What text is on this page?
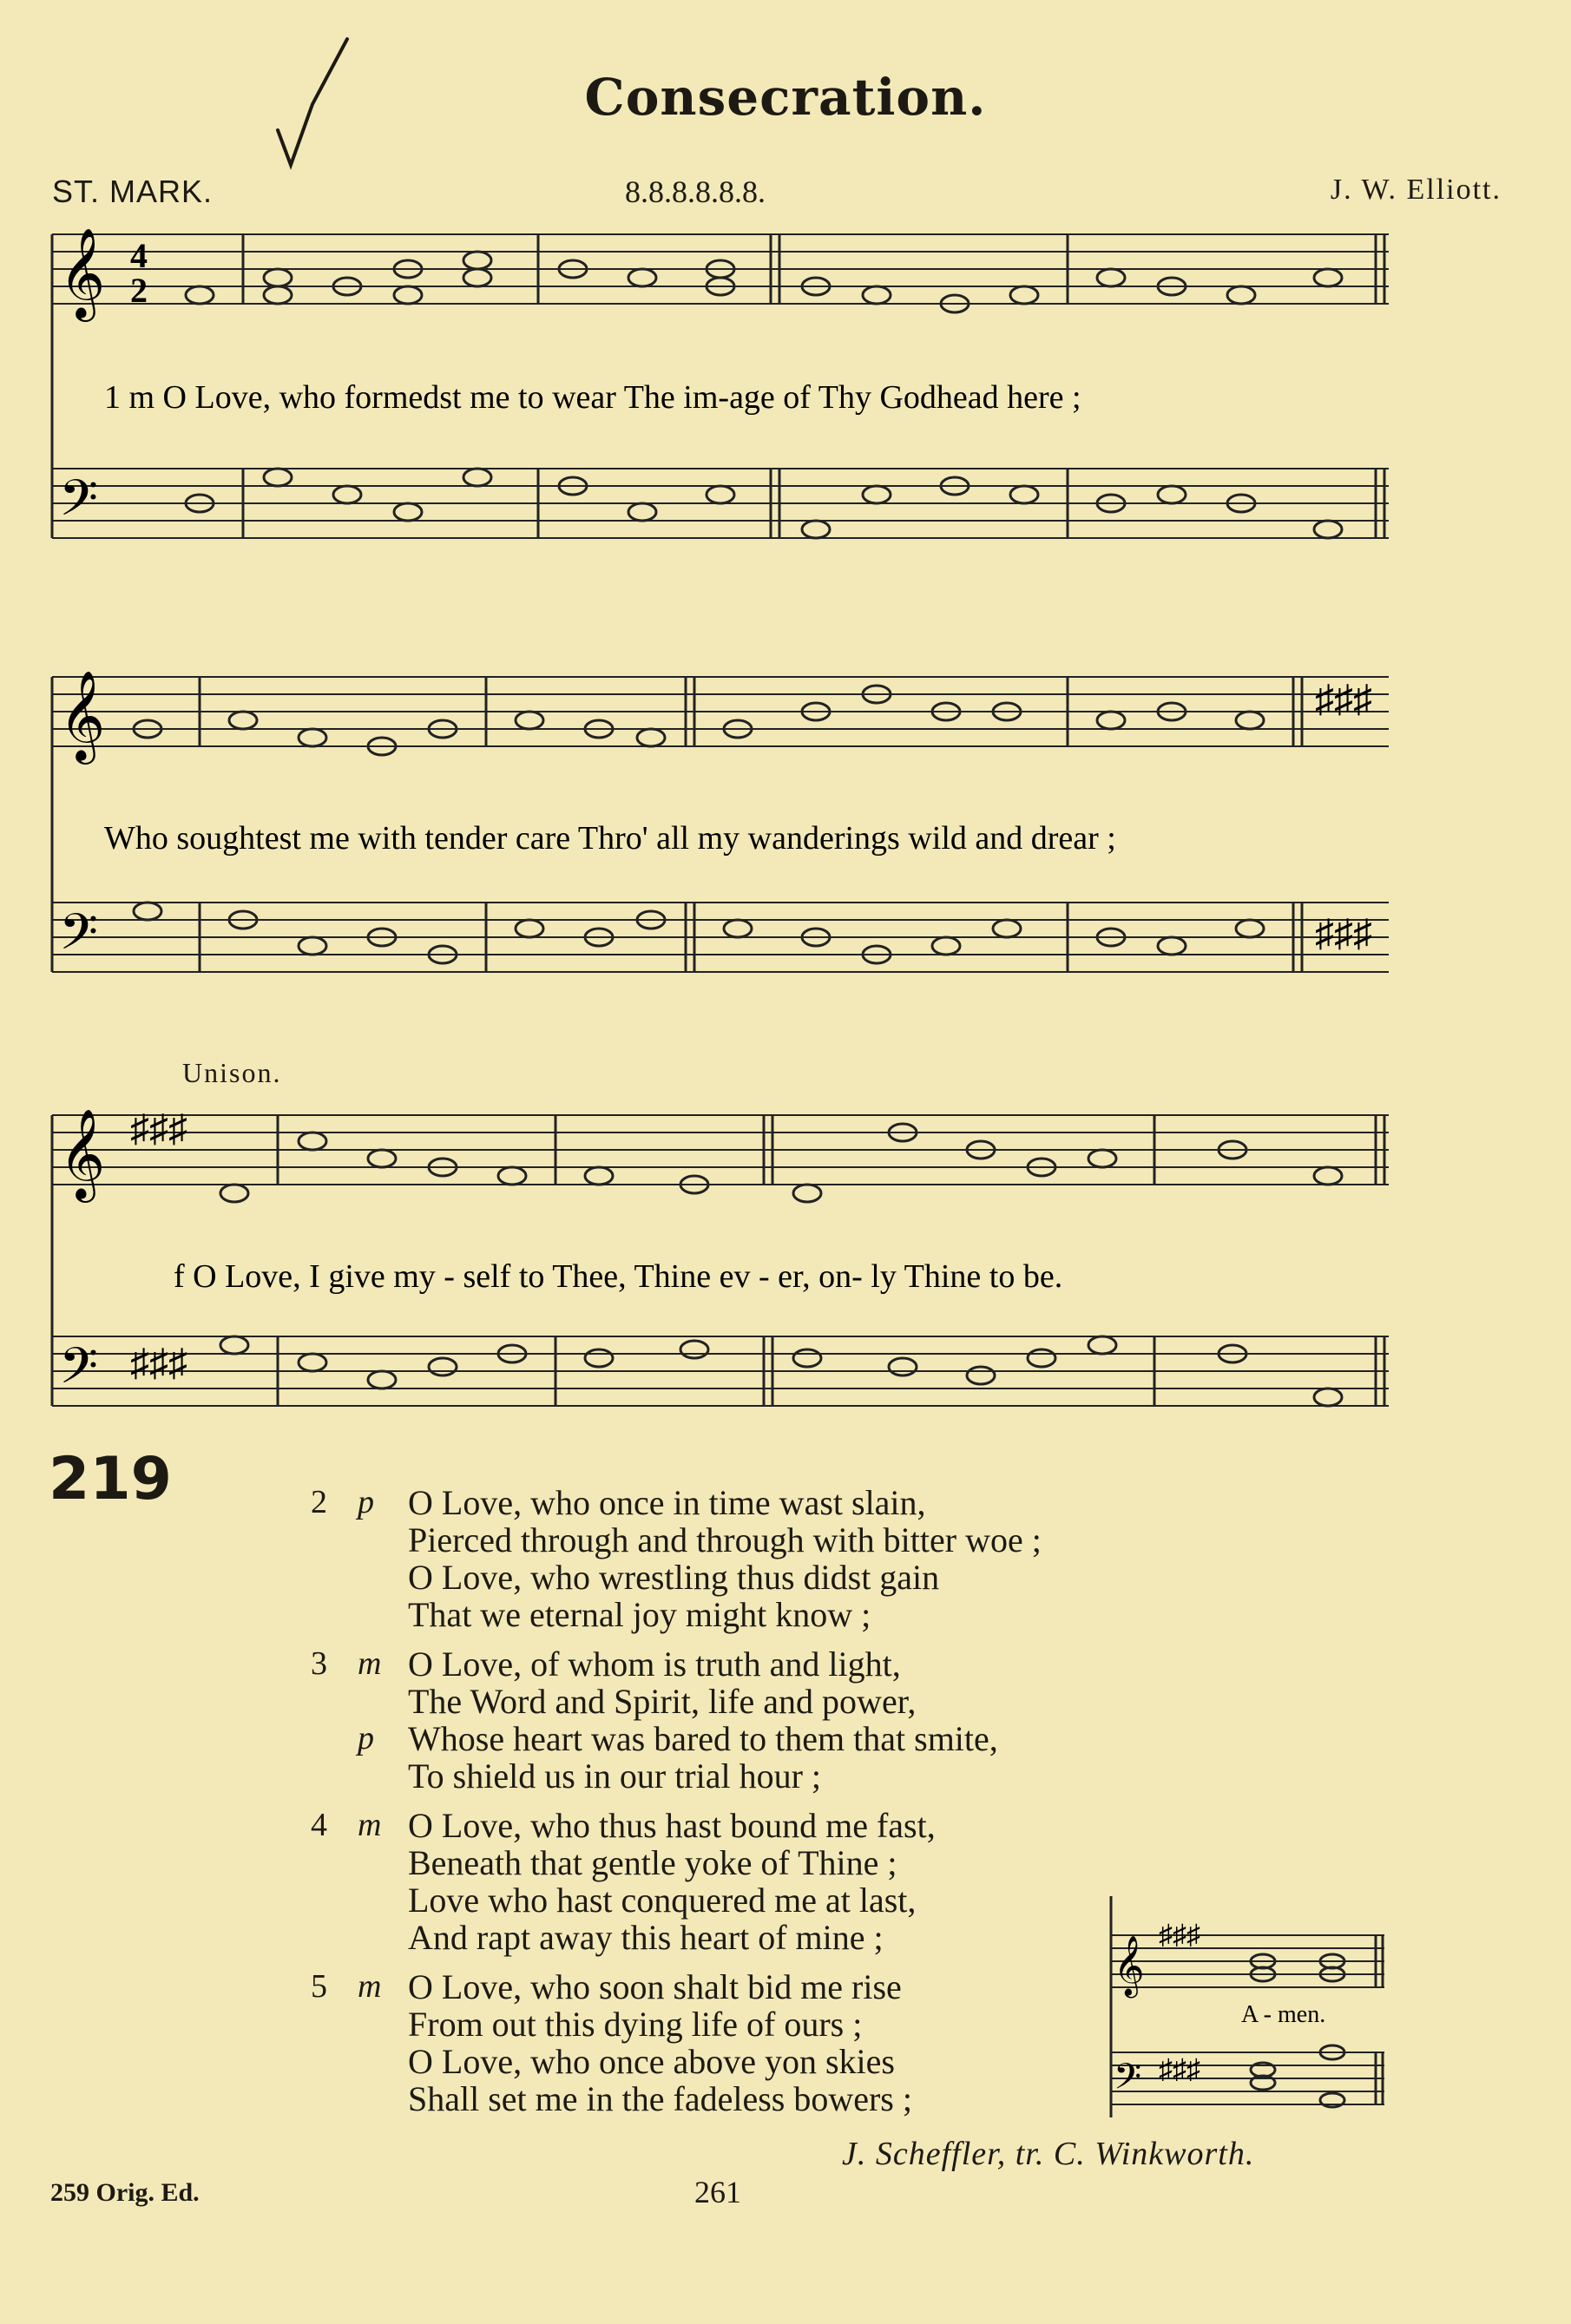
Consecration.
ST. MARK.	8.8.8.8.8.8.	J. W. Elliott.
𝄞
𝄢
4
2
1 m O Love, who formedst me to wear The im-age of Thy Godhead here ;
𝄞
𝄢
♯♯♯
♯♯♯
Who soughtest me with tender care Thro' all my wanderings wild and drear ;
Unison.
𝄞
𝄢
♯♯♯
♯♯♯
f O Love, I give my - self to Thee, Thine ev - er, on- ly Thine to be.
219	2 p O Love, who once in time wast slain,
Pierced through and through with bitter woe ;
O Love, who wrestling thus didst gain
That we eternal joy might know ;
3 m O Love, of whom is truth and light,
The Word and Spirit, life and power,
p Whose heart was bared to them that smite,
To shield us in our trial hour ;
4 m O Love, who thus hast bound me fast,
Beneath that gentle yoke of Thine ;
Love who hast conquered me at last,
And rapt away this heart of mine ;
5 m O Love, who soon shalt bid me rise
From out this dying life of ours ;
O Love, who once above yon skies
Shall set me in the fadeless bowers ;
𝄞
𝄢
♯♯♯
♯♯♯
A - men.
J. Scheffler, tr. C. Winkworth.
259 Orig. Ed.	261
